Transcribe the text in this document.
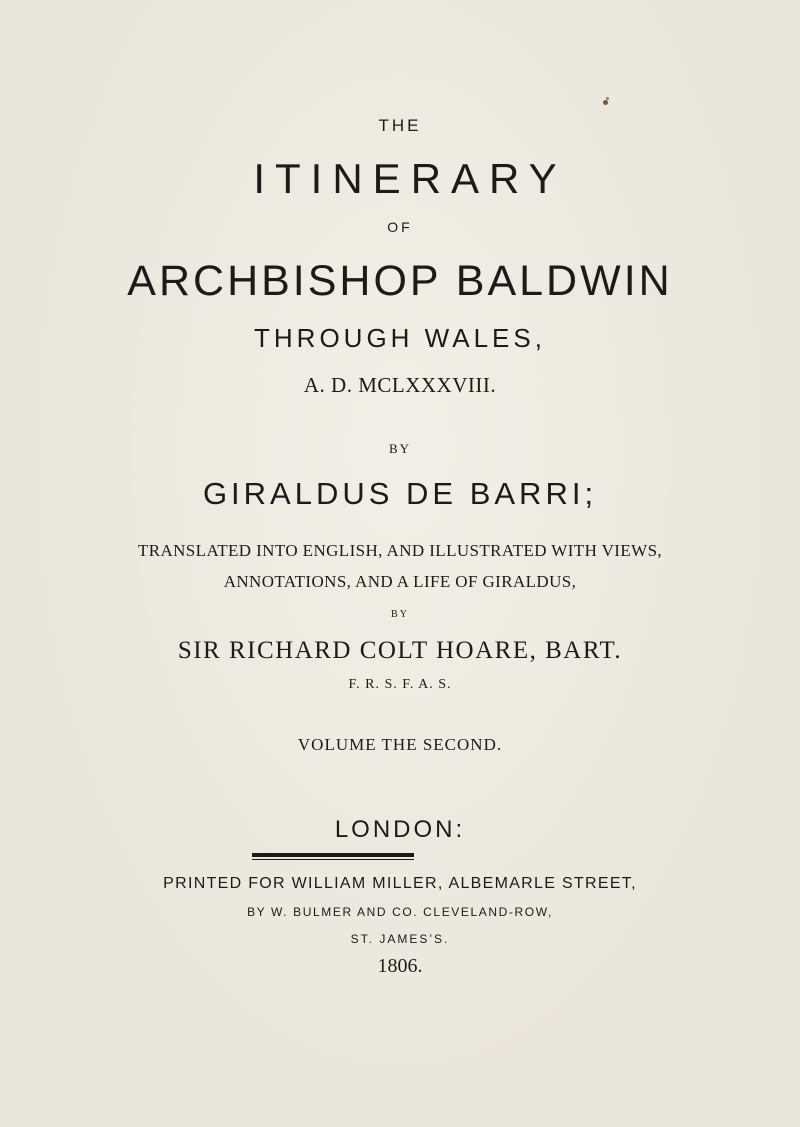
THE
ITINERARY
OF
ARCHBISHOP BALDWIN
THROUGH WALES,
A. D. MCLXXXVIII.
BY
GIRALDUS DE BARRI;
TRANSLATED INTO ENGLISH, AND ILLUSTRATED WITH VIEWS,
ANNOTATIONS, AND A LIFE OF GIRALDUS,
BY
SIR RICHARD COLT HOARE, BART.
F. R. S. F. A. S.
VOLUME THE SECOND.
LONDON:
PRINTED FOR WILLIAM MILLER, ALBEMARLE STREET,
BY W. BULMER AND CO. CLEVELAND-ROW,
ST. JAMES’S.
1806.
